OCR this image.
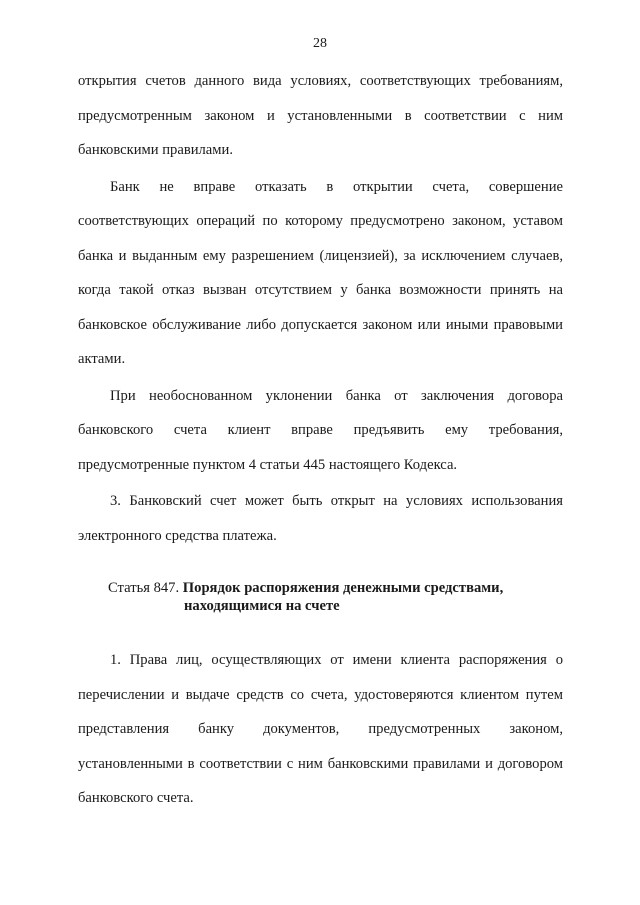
28

открытия счетов данного вида условиях, соответствующих требованиям, предусмотренным законом и установленными в соответствии с ним банковскими правилами.

Банк не вправе отказать в открытии счета, совершение соответствующих операций по которому предусмотрено законом, уставом банка и выданным ему разрешением (лицензией), за исключением случаев, когда такой отказ вызван отсутствием у банка возможности принять на банковское обслуживание либо допускается законом или иными правовыми актами.

При необоснованном уклонении банка от заключения договора банковского счета клиент вправе предъявить ему требования, предусмотренные пунктом 4 статьи 445 настоящего Кодекса.

3. Банковский счет может быть открыт на условиях использования электронного средства платежа.

Статья 847. Порядок распоряжения денежными средствами,
находящимися на счете

1. Права лиц, осуществляющих от имени клиента распоряжения о перечислении и выдаче средств со счета, удостоверяются клиентом путем представления банку документов, предусмотренных законом, установленными в соответствии с ним банковскими правилами и договором банковского счета.
